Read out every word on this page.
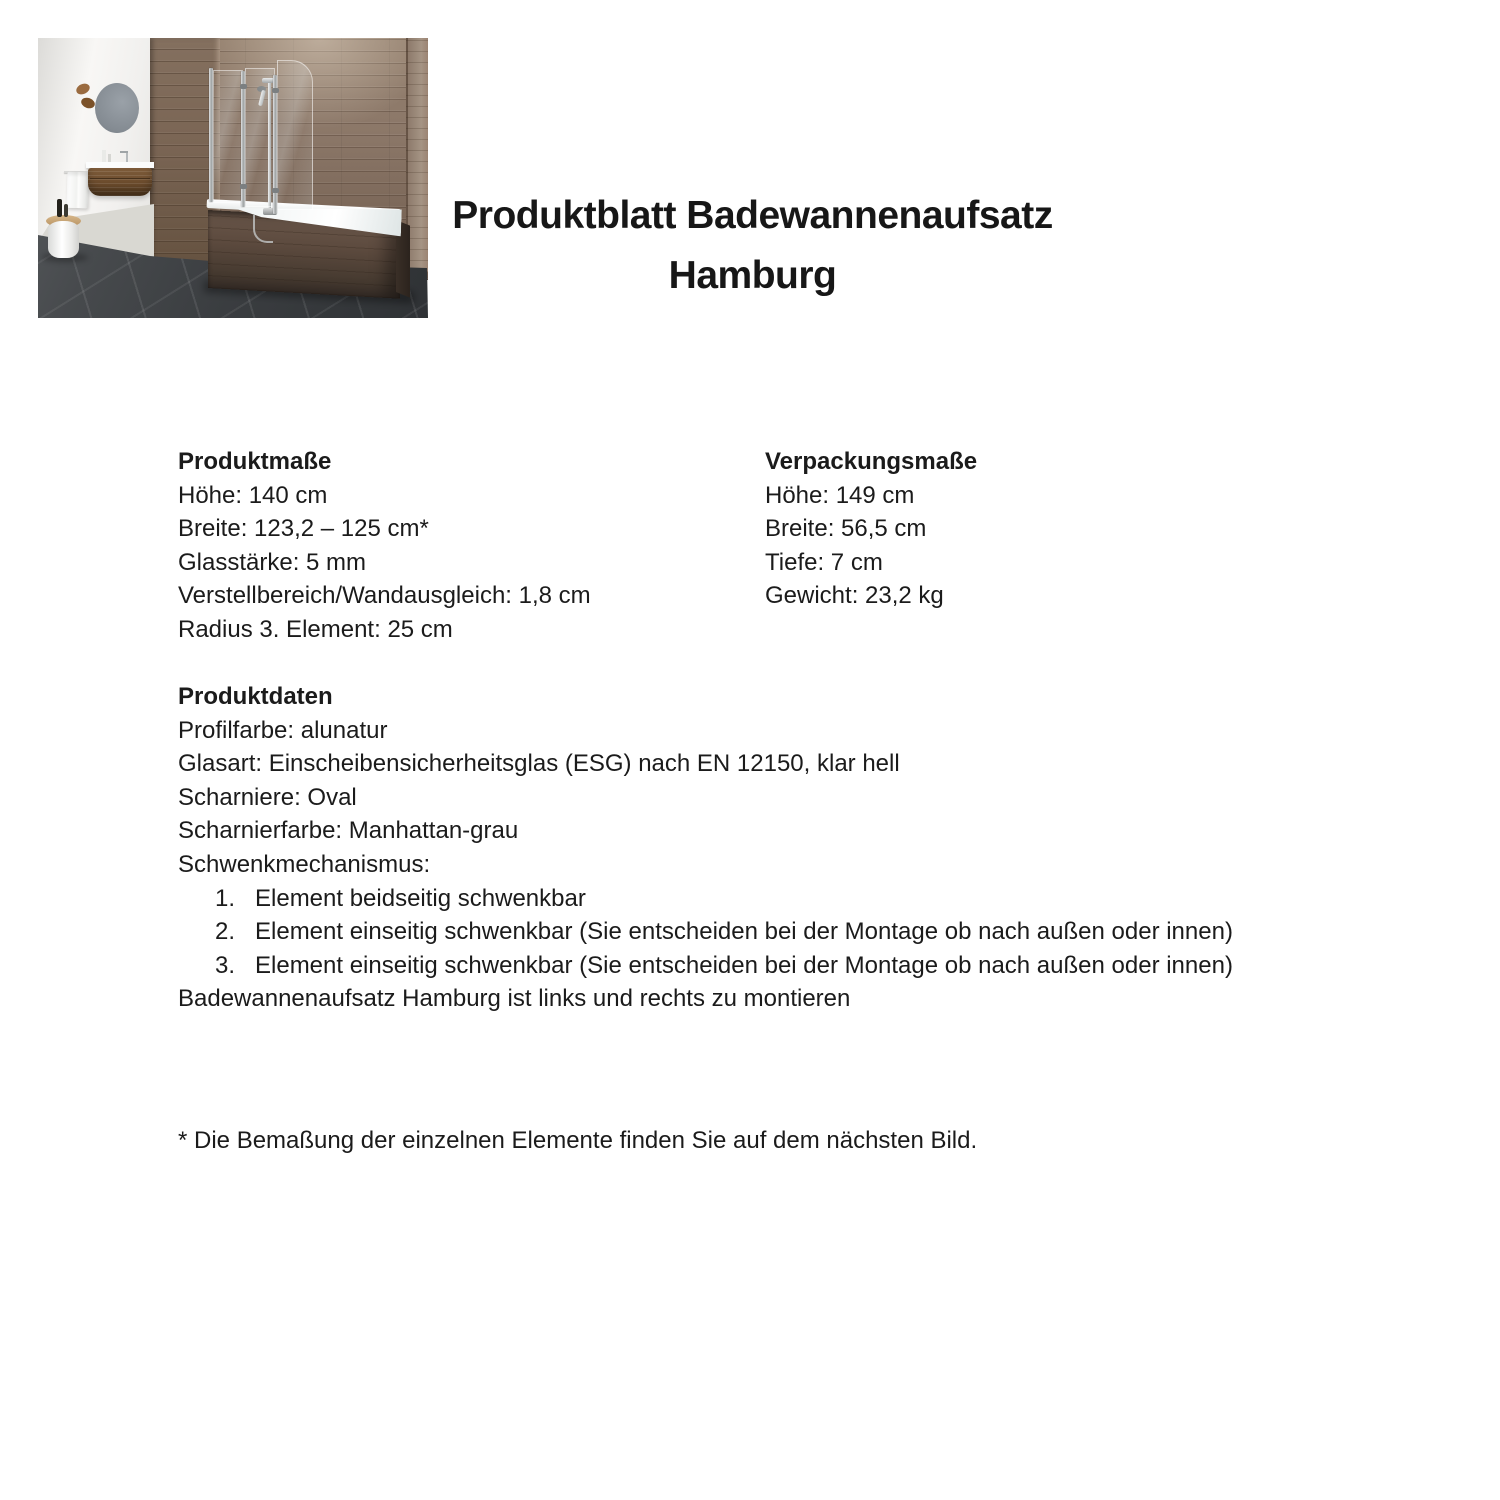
Produktblatt Badewannenaufsatz
Hamburg
Produktmaße
Höhe: 140 cm
Breite: 123,2 – 125 cm*
Glasstärke: 5 mm
Verstellbereich/Wandausgleich: 1,8 cm
Radius 3. Element: 25 cm
Verpackungsmaße
Höhe: 149 cm
Breite: 56,5 cm
Tiefe: 7 cm
Gewicht: 23,2 kg
Produktdaten
Profilfarbe: alunatur
Glasart: Einscheibensicherheitsglas (ESG) nach EN 12150, klar hell
Scharniere: Oval
Scharnierfarbe: Manhattan-grau
Schwenkmechanismus:
1. Element beidseitig schwenkbar
2. Element einseitig schwenkbar (Sie entscheiden bei der Montage ob nach außen oder innen)
3. Element einseitig schwenkbar (Sie entscheiden bei der Montage ob nach außen oder innen)
Badewannenaufsatz Hamburg ist links und rechts zu montieren
* Die Bemaßung der einzelnen Elemente finden Sie auf dem nächsten Bild.
